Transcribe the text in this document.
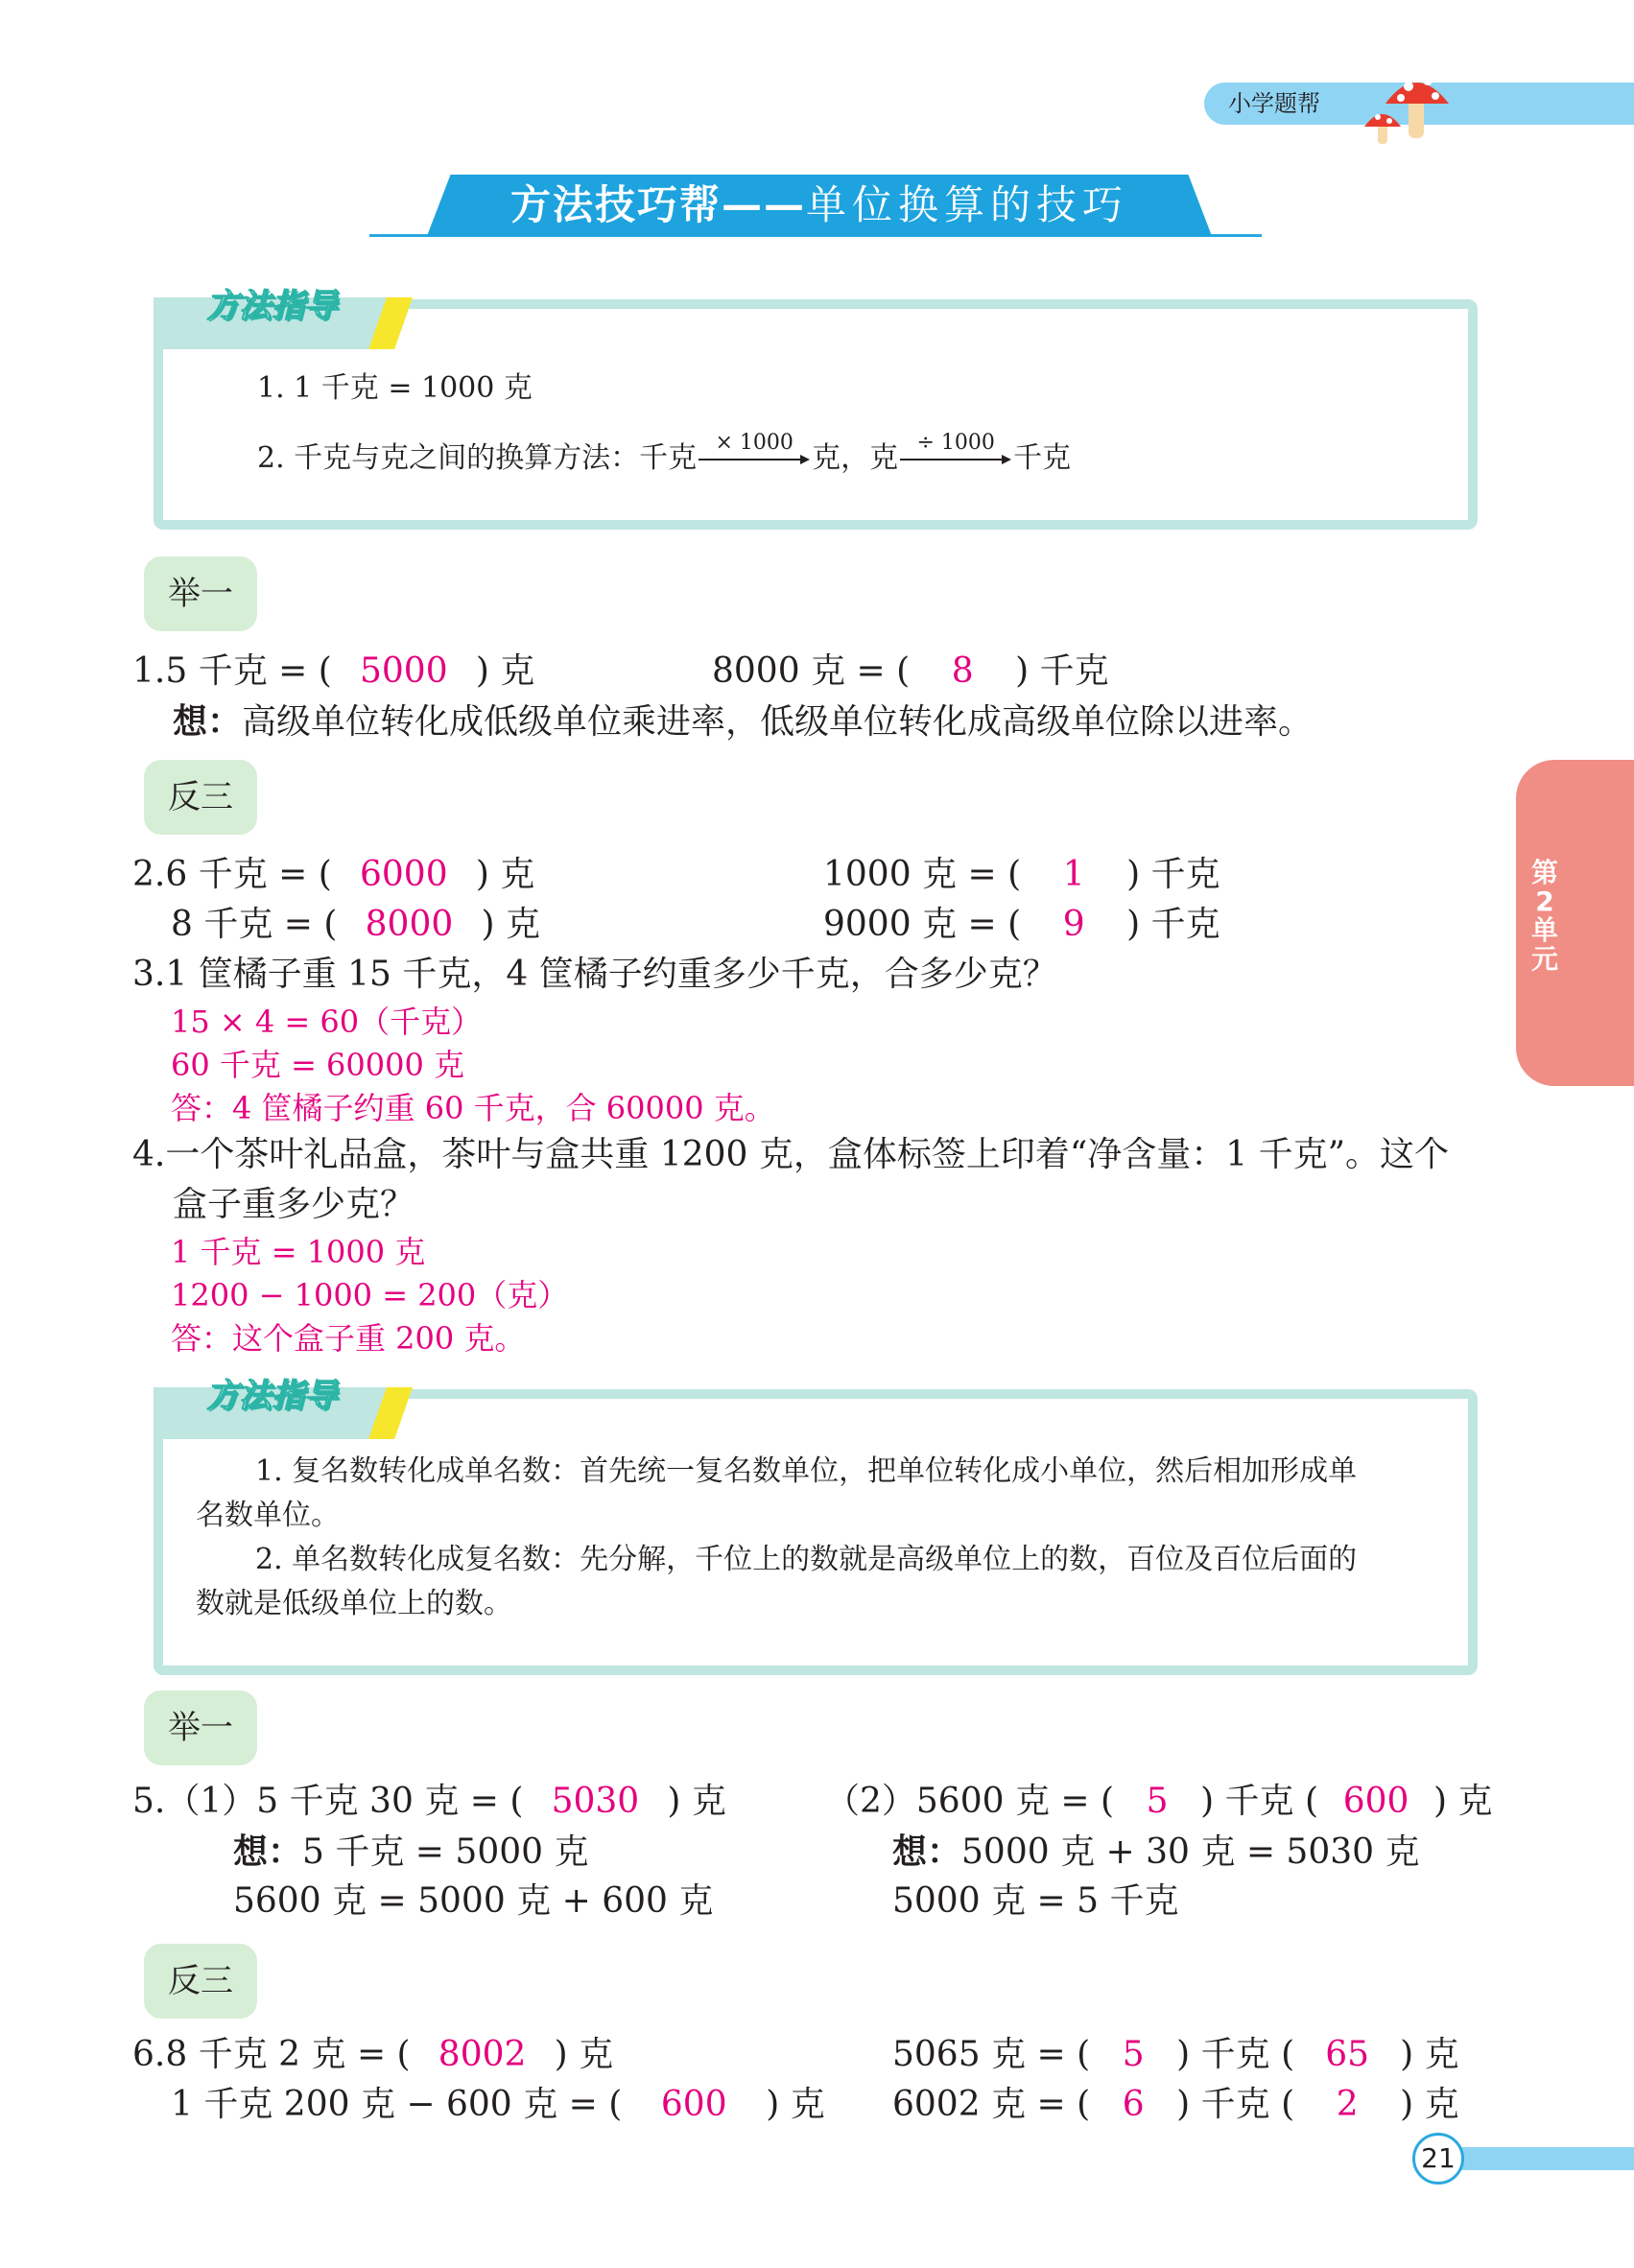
小学题帮
方法技巧帮——单位换算的技巧
方法指导
1. 1 千克 = 1000 克
2. 千克与克之间的换算方法：千克 × 1000 克，克 ÷ 1000 千克
举一
1.5 千克 = ( 5000 ) 克	8000 克 = ( 8 ) 千克
想：高级单位转化成低级单位乘进率，低级单位转化成高级单位除以进率。
反三
2.6 千克 = ( 6000 ) 克	1000 克 = ( 1 ) 千克
8 千克 = ( 8000 ) 克	9000 克 = ( 9 ) 千克
3.1 筐橘子重 15 千克，4 筐橘子约重多少千克，合多少克？
15 × 4 = 60（千克）
60 千克 = 60000 克
答：4 筐橘子约重 60 千克，合 60000 克。
4.一个茶叶礼品盒，茶叶与盒共重 1200 克，盒体标签上印着“净含量：1 千克”。这个
盒子重多少克？
1 千克 = 1000 克
1200 − 1000 = 200（克）
答：这个盒子重 200 克。
方法指导
1. 复名数转化成单名数：首先统一复名数单位，把单位转化成小单位，然后相加形成单
名数单位。
2. 单名数转化成复名数：先分解，千位上的数就是高级单位上的数，百位及百位后面的
数就是低级单位上的数。
举一
5.（1）5 千克 30 克 = ( 5030 ) 克	（2）5600 克 = ( 5 ) 千克 ( 600 ) 克
想：5 千克 = 5000 克
5600 克 = 5000 克 + 600 克
想：5000 克 + 30 克 = 5030 克
5000 克 = 5 千克
反三
6.8 千克 2 克 = ( 8002 ) 克	5065 克 = ( 5 ) 千克 ( 65 ) 克
1 千克 200 克 − 600 克 = ( 600 ) 克 6002 克 = ( 6 ) 千克 ( 2 ) 克
第
2
单
元
21
